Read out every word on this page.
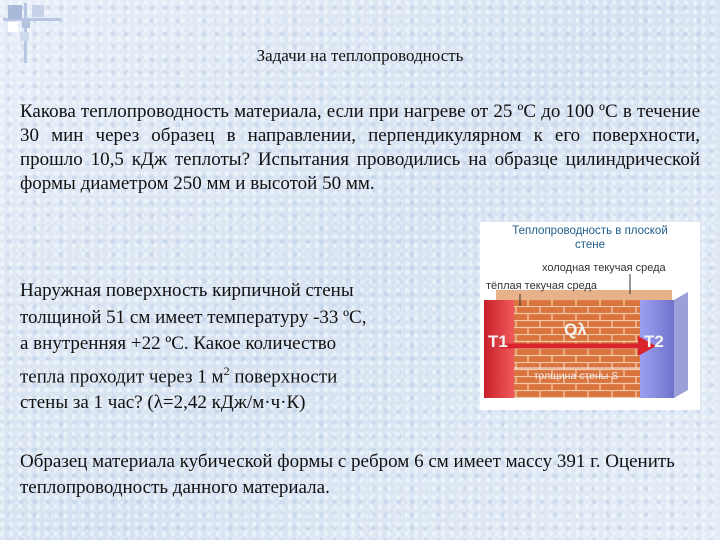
Задачи на теплопроводность

Какова теплопроводность материала, если при нагреве от 25 ºС до 100 ºС в течение 30 мин через образец в направлении, перпендикулярном к его поверхности, прошло 10,5 кДж теплоты? Испытания проводились на образце цилиндрической формы диаметром 250 мм и высотой 50 мм.

Наружная поверхность кирпичной стены
толщиной 51 см имеет температуру -33 ºС,
а внутренняя +22 ºС. Какое количество
тепла проходит через 1 $м^2$ поверхности
стены за 1 час? (λ=2,42 кДж/м·ч·К)

Теплопроводность в плоской
стене
холодная текучая среда
тёплая текучая среда
T1	T2
Qλ
толщина стены S

Образец материала кубической формы с ребром 6 см имеет массу 391 г. Оценить теплопроводность данного материала.
